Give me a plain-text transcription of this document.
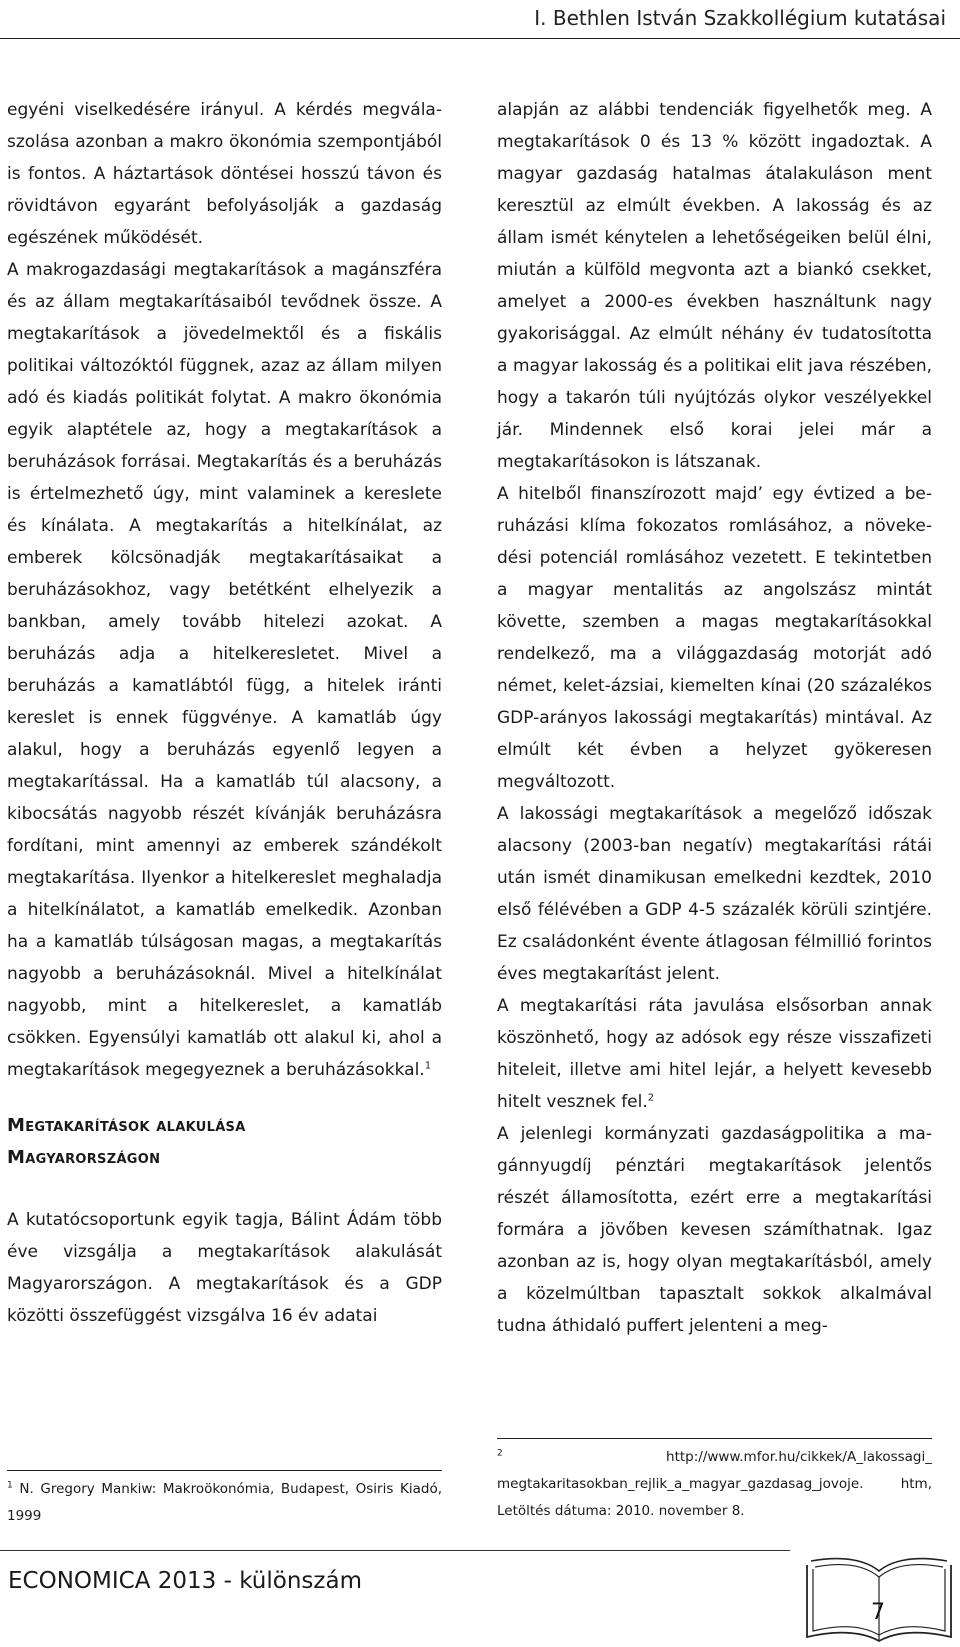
I. Bethlen István Szakkollégium kutatásai

egyéni viselkedésére irányul. A kérdés megválaszolása azonban a makro ökonómia szempontjából is fontos. A háztartások döntései hosszú távon és rövidtávon egyaránt befolyásolják a gazdaság egészének működését.

A makrogazdasági megtakarítások a magánszféra és az állam megtakarításaiból tevődnek össze. A megtakarítások a jövedelmektől és a fiskális politikai változóktól függnek, azaz az állam milyen adó és kiadás politikát folytat. A makro ökonómia egyik alaptétele az, hogy a megtakarítások a beruházások forrásai. Megtakarítás és a beruházás is értelmezhető úgy, mint valaminek a kereslete és kínálata. A megtakarítás a hitelkínálat, az emberek kölcsönadják megtakarításaikat a beruházásokhoz, vagy betétként elhelyezik a bankban, amely tovább hitelezi azokat. A beruházás adja a hitelkeresletet. Mivel a beruházás a kamatlábtól függ, a hitelek iránti kereslet is ennek függvénye. A kamatláb úgy alakul, hogy a beruházás egyenlő legyen a megtakarítással. Ha a kamatláb túl alacsony, a kibocsátás nagyobb részét kívánják beruházásra fordítani, mint amennyi az emberek szándékolt megtakarítása. Ilyenkor a hitelkereslet meghaladja a hitelkínálatot, a kamatláb emelkedik. Azonban ha a kamatláb túlságosan magas, a megtakarítás nagyobb a beruházásoknál. Mivel a hitelkínálat nagyobb, mint a hitelkereslet, a kamatláb csökken. Egyensúlyi kamatláb ott alakul ki, ahol a megtakarítások megegyeznek a beruházásokkal.$^1$

Megtakarítások alakulása
Magyarországon

A kutatócsoportunk egyik tagja, Bálint Ádám több éve vizsgálja a megtakarítások alakulását Magyarországon. A megtakarítások és a GDP közötti összefüggést vizsgálva 16 év adatai

$^1$ N. Gregory Mankiw: Makroökonómia, Budapest, Osiris Kiadó, 1999

alapján az alábbi tendenciák figyelhetők meg. A megtakarítások 0 és 13 % között ingadoztak. A magyar gazdaság hatalmas átalakuláson ment keresztül az elmúlt években. A lakosság és az állam ismét kénytelen a lehetőségeiken belül élni, miután a külföld megvonta azt a biankó csekket, amelyet a 2000-es években használtunk nagy gyakorisággal. Az elmúlt néhány év tudatosította a magyar lakosság és a politikai elit java részében, hogy a takarón túli nyújtózás olykor veszélyekkel jár. Mindennek első korai jelei már a megtakarításokon is látszanak.

A hitelből finanszírozott majd’ egy évtized a beruházási klíma fokozatos romlásához, a növekedési potenciál romlásához vezetett. E tekintetben a magyar mentalitás az angolszász mintát követte, szemben a magas megtakarításokkal rendelkező, ma a világgazdaság motorját adó német, kelet-ázsiai, kiemelten kínai (20 százalékos GDP-arányos lakossági megtakarítás) mintával. Az elmúlt két évben a helyzet gyökeresen megváltozott.

A lakossági megtakarítások a megelőző időszak alacsony (2003-ban negatív) megtakarítási rátái után ismét dinamikusan emelkedni kezdtek, 2010 első félévében a GDP 4-5 százalék körüli szintjére. Ez családonként évente átlagosan félmillió forintos éves megtakarítást jelent.

A megtakarítási ráta javulása elsősorban annak köszönhető, hogy az adósok egy része visszafizeti hiteleit, illetve ami hitel lejár, a helyett kevesebb hitelt vesznek fel.$^2$

A jelenlegi kormányzati gazdaságpolitika a magánnyugdíj pénztári megtakarítások jelentős részét államosította, ezért erre a megtakarítási formára a jövőben kevesen számíthatnak. Igaz azonban az is, hogy olyan megtakarításból, amely a közelmúltban tapasztalt sokkok alkalmával tudna áthidaló puffert jelenteni a meg-

$^2$	http://www.mfor.hu/cikkek/A_lakossagi_ megtakaritasokban_rejlik_a_magyar_gazdasag_jovoje. htm, Letöltés dátuma: 2010. november 8.
ECONOMICA 2013 - különszám
7
